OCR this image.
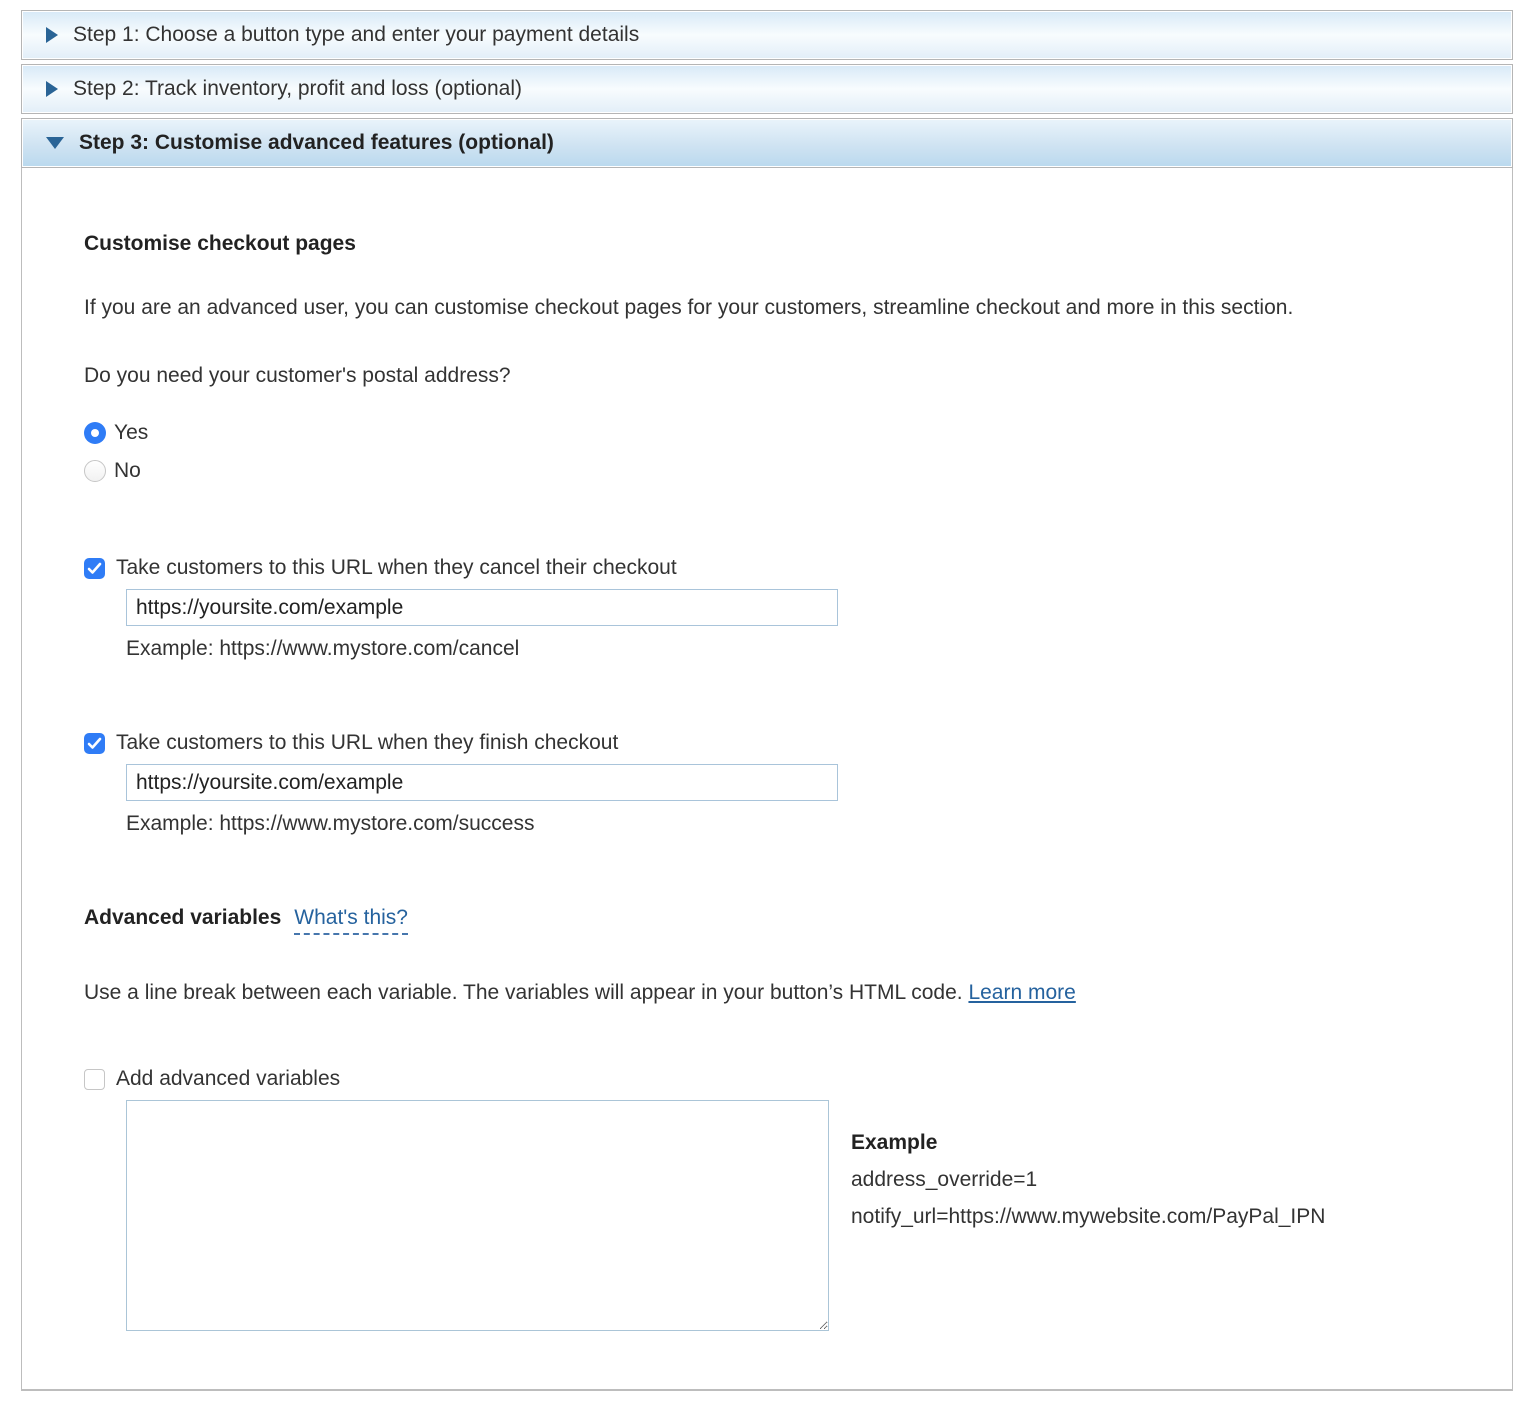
Step 1: Choose a button type and enter your payment details
Step 2: Track inventory, profit and loss (optional)
Step 3: Customise advanced features (optional)
Customise checkout pages
If you are an advanced user, you can customise checkout pages for your customers, streamline checkout and more in this section.
Do you need your customer's postal address?
Yes
No
Take customers to this URL when they cancel their checkout
https://yoursite.com/example
Example: https://www.mystore.com/cancel
Take customers to this URL when they finish checkout
https://yoursite.com/example
Example: https://www.mystore.com/success
Advanced variables What's this?
Use a line break between each variable. The variables will appear in your button’s HTML code. Learn more
Add advanced variables
Example
address_override=1
notify_url=https://www.mywebsite.com/PayPal_IPN
